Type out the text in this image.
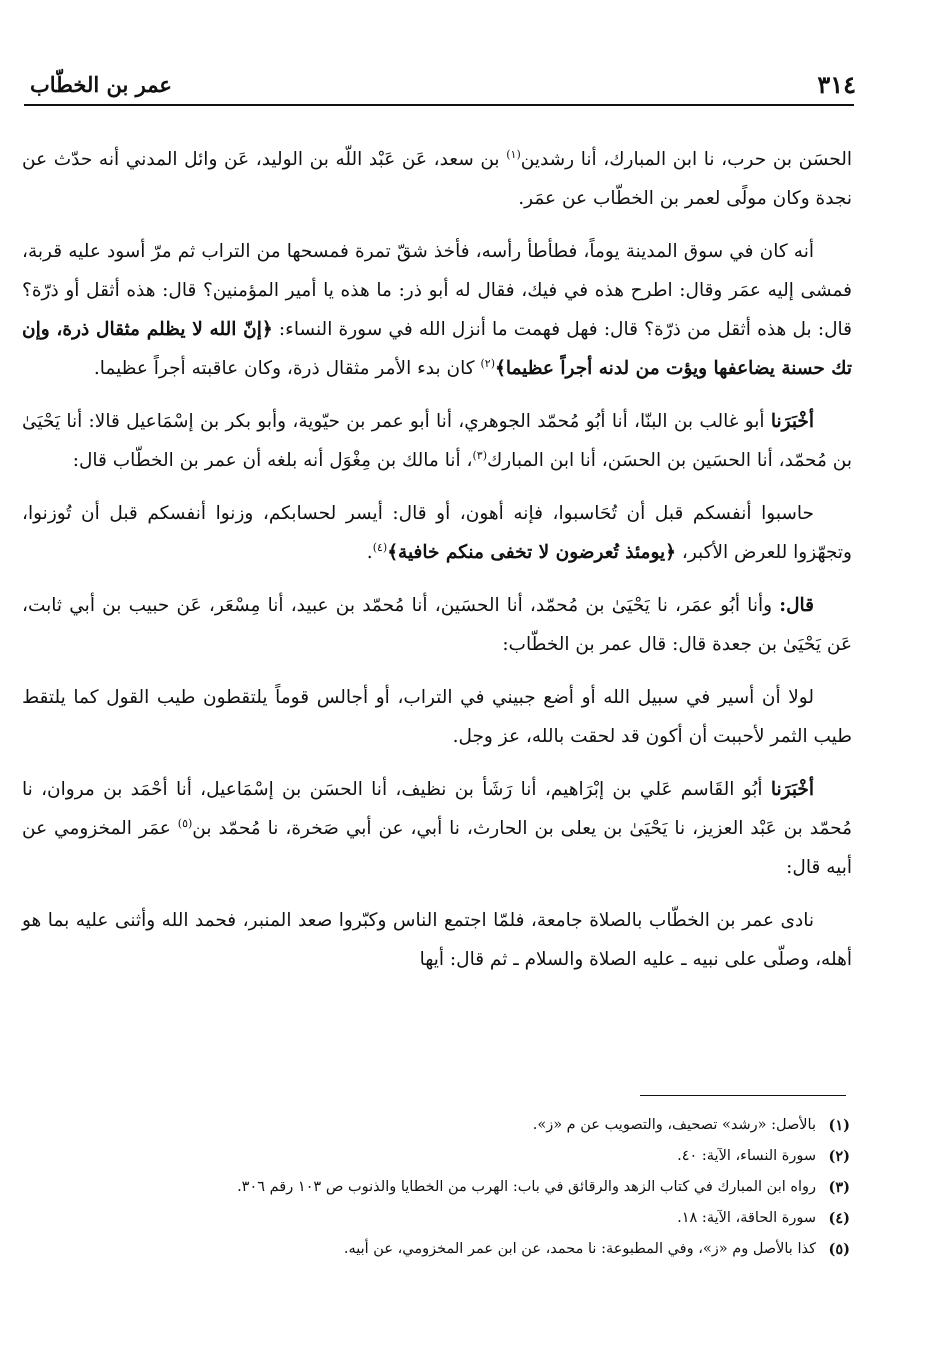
٣١٤
عمر بن الخطّاب

الحسَن بن حرب، نا ابن المبارك، أنا رشدين$^{(١)}$ بن سعد، عَن عَبْد اللّه بن الوليد، عَن وائل المدني أنه حدّث عن نجدة وكان مولًى لعمر بن الخطّاب عن عمَر.

أنه كان في سوق المدينة يوماً، فطأطأ رأسه، فأخذ شقّ تمرة فمسحها من التراب ثم مرّ أسود عليه قربة، فمشى إليه عمَر وقال: اطرح هذه في فيك، فقال له أبو ذر: ما هذه يا أمير المؤمنين؟ قال: هذه أثقل أو ذرّة؟ قال: بل هذه أثقل من ذرّة؟ قال: فهل فهمت ما أنزل الله في سورة النساء: ﴿إنّ الله لا يظلم مثقال ذرة، وإن تك حسنة يضاعفها ويؤت من لدنه أجراً عظيما﴾$^{(٢)}$ كان بدء الأمر مثقال ذرة، وكان عاقبته أجراً عظيما.

أخْبَرَنا أبو غالب بن البنّا، أنا أبُو مُحمّد الجوهري، أنا أبو عمر بن حيّوية، وأبو بكر بن إسْمَاعيل قالا: أنا يَحْيَىٰ بن مُحمّد، أنا الحسَين بن الحسَن، أنا ابن المبارك$^{(٣)}$، أنا مالك بن مِغْوَل أنه بلغه أن عمر بن الخطّاب قال:

حاسبوا أنفسكم قبل أن تُحَاسبوا، فإنه أهون، أو قال: أيسر لحسابكم، وزنوا أنفسكم قبل أن تُوزنوا، وتجهّزوا للعرض الأكبر، ﴿يومئذ تُعرضون لا تخفى منكم خافية﴾$^{(٤)}$.

قال: وأنا أبُو عمَر، نا يَحْيَىٰ بن مُحمّد، أنا الحسَين، أنا مُحمّد بن عبيد، أنا مِسْعَر، عَن حبيب بن أبي ثابت، عَن يَحْيَىٰ بن جعدة قال: قال عمر بن الخطّاب:

لولا أن أسير في سبيل الله أو أضع جبيني في التراب، أو أجالس قوماً يلتقطون طيب القول كما يلتقط طيب الثمر لأحببت أن أكون قد لحقت بالله، عز وجل.

أخْبَرَنا أبُو القَاسم عَلي بن إبْرَاهيم، أنا رَشَأ بن نظيف، أنا الحسَن بن إسْمَاعيل، أنا أحْمَد بن مروان، نا مُحمّد بن عَبْد العزيز، نا يَحْيَىٰ بن يعلى بن الحارث، نا أبي، عن أبي صَخرة، نا مُحمّد بن$^{(٥)}$ عمَر المخزومي عن أبيه قال:

نادى عمر بن الخطّاب بالصلاة جامعة، فلمّا اجتمع الناس وكبّروا صعد المنبر، فحمد الله وأثنى عليه بما هو أهله، وصلّى على نبيه ـ عليه الصلاة والسلام ـ ثم قال: أيها

(١)
بالأصل: «رشد» تصحيف، والتصويب عن م «ز».
(٢)
سورة النساء، الآية: ٤٠.
(٣)
رواه ابن المبارك في كتاب الزهد والرقائق في باب: الهرب من الخطايا والذنوب ص ١٠٣ رقم ٣٠٦.
(٤)
سورة الحاقة، الآية: ١٨.
(٥)
كذا بالأصل وم «ز»، وفي المطبوعة: نا محمد، عن ابن عمر المخزومي، عن أبيه.
